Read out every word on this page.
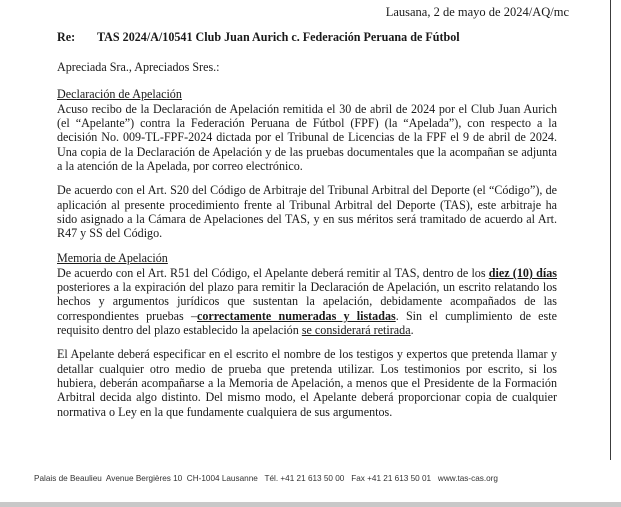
Lausana, 2 de mayo de 2024/AQ/mc
Re:	TAS 2024/A/10541 Club Juan Aurich c. Federación Peruana de Fútbol

Apreciada Sra., Apreciados Sres.:

Declaración de Apelación

Acuso recibo de la Declaración de Apelación remitida el 30 de abril de 2024 por el Club Juan Aurich (el “Apelante”) contra la Federación Peruana de Fútbol (FPF) (la “Apelada”), con respecto a la decisión No. 009-TL-FPF-2024 dictada por el Tribunal de Licencias de la FPF el 9 de abril de 2024. Una copia de la Declaración de Apelación y de las pruebas documentales que la acompañan se adjunta a la atención de la Apelada, por correo electrónico.

De acuerdo con el Art. S20 del Código de Arbitraje del Tribunal Arbitral del Deporte (el “Código”), de aplicación al presente procedimiento frente al Tribunal Arbitral del Deporte (TAS), este arbitraje ha sido asignado a la Cámara de Apelaciones del TAS, y en sus méritos será tramitado de acuerdo al Art. R47 y SS del Código.

Memoria de Apelación

De acuerdo con el Art. R51 del Código, el Apelante deberá remitir al TAS, dentro de los diez (10) días posteriores a la expiración del plazo para remitir la Declaración de Apelación, un escrito relatando los hechos y argumentos jurídicos que sustentan la apelación, debidamente acompañados de las correspondientes pruebas –correctamente numeradas y listadas. Sin el cumplimiento de este requisito dentro del plazo establecido la apelación se considerará retirada.

El Apelante deberá especificar en el escrito el nombre de los testigos y expertos que pretenda llamar y detallar cualquier otro medio de prueba que pretenda utilizar. Los testimonios por escrito, si los hubiera, deberán acompañarse a la Memoria de Apelación, a menos que el Presidente de la Formación Arbitral decida algo distinto. Del mismo modo, el Apelante deberá proporcionar copia de cualquier normativa o Ley en la que fundamente cualquiera de sus argumentos.

Palais de Beaulieu  Avenue Bergières 10  CH-1004 Lausanne   Tél. +41 21 613 50 00   Fax +41 21 613 50 01   www.tas-cas.org
